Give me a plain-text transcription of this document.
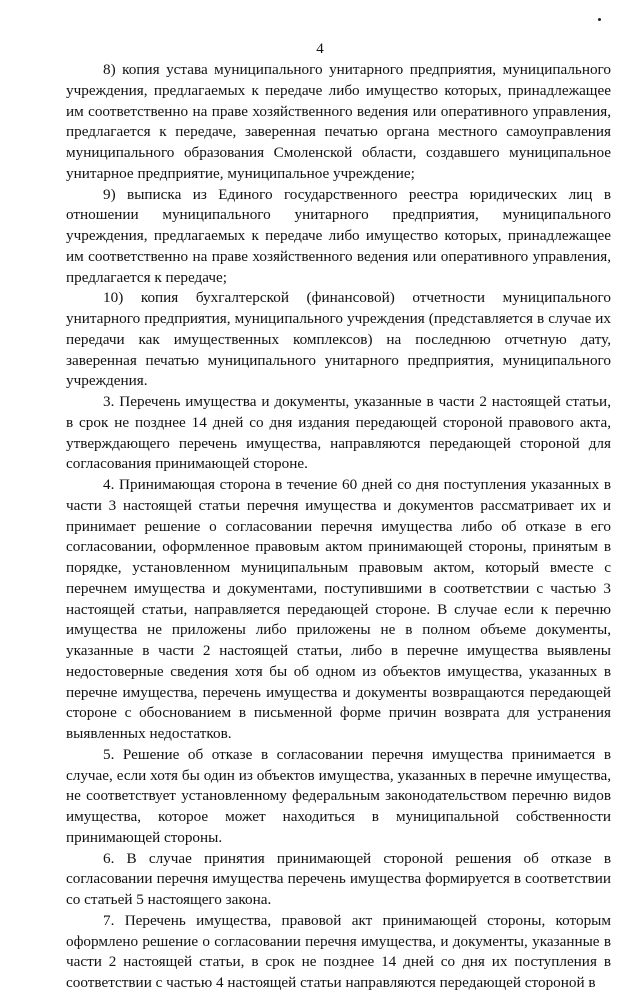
4

8) копия устава муниципального унитарного предприятия, муниципального учреждения, предлагаемых к передаче либо имущество которых, принадлежащее им соответственно на праве хозяйственного ведения или оперативного управления, предлагается к передаче, заверенная печатью органа местного самоуправления муниципального образования Смоленской области, создавшего муниципальное унитарное предприятие, муниципальное учреждение;

9) выписка из Единого государственного реестра юридических лиц в отношении муниципального унитарного предприятия, муниципального учреждения, предлагаемых к передаче либо имущество которых, принадлежащее им соответственно на праве хозяйственного ведения или оперативного управления, предлагается к передаче;

10) копия бухгалтерской (финансовой) отчетности муниципального унитарного предприятия, муниципального учреждения (представляется в случае их передачи как имущественных комплексов) на последнюю отчетную дату, заверенная печатью муниципального унитарного предприятия, муниципального учреждения.

3. Перечень имущества и документы, указанные в части 2 настоящей статьи, в срок не позднее 14 дней со дня издания передающей стороной правового акта, утверждающего перечень имущества, направляются передающей стороной для согласования принимающей стороне.

4. Принимающая сторона в течение 60 дней со дня поступления указанных в части 3 настоящей статьи перечня имущества и документов рассматривает их и принимает решение о согласовании перечня имущества либо об отказе в его согласовании, оформленное правовым актом принимающей стороны, принятым в порядке, установленном муниципальным правовым актом, который вместе с перечнем имущества и документами, поступившими в соответствии с частью 3 настоящей статьи, направляется передающей стороне. В случае если к перечню имущества не приложены либо приложены не в полном объеме документы, указанные в части 2 настоящей статьи, либо в перечне имущества выявлены недостоверные сведения хотя бы об одном из объектов имущества, указанных в перечне имущества, перечень имущества и документы возвращаются передающей стороне с обоснованием в письменной форме причин возврата для устранения выявленных недостатков.

5. Решение об отказе в согласовании перечня имущества принимается в случае, если хотя бы один из объектов имущества, указанных в перечне имущества, не соответствует установленному федеральным законодательством перечню видов имущества, которое может находиться в муниципальной собственности принимающей стороны.

6. В случае принятия принимающей стороной решения об отказе в согласовании перечня имущества перечень имущества формируется в соответствии со статьей 5 настоящего закона.

7. Перечень имущества, правовой акт принимающей стороны, которым оформлено решение о согласовании перечня имущества, и документы, указанные в части 2 настоящей статьи, в срок не позднее 14 дней со дня их поступления в соответствии с частью 4 настоящей статьи направляются передающей стороной в
